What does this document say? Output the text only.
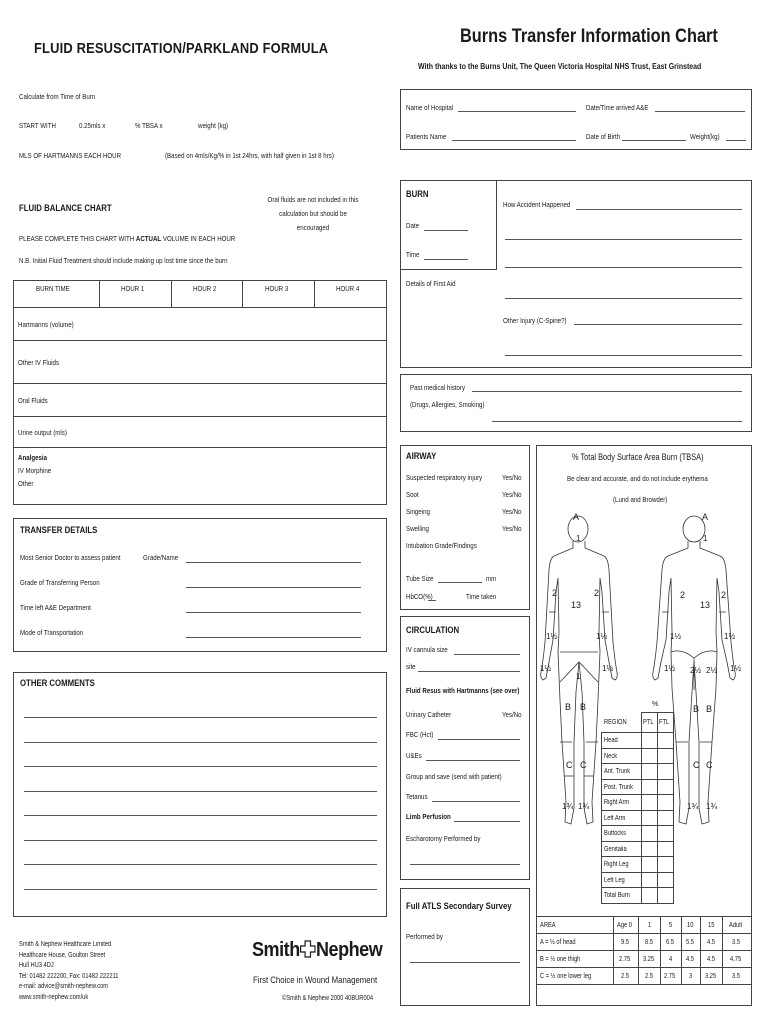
FLUID RESUSCITATION/PARKLAND FORMULA
Calculate from Time of Burn
START WITH	0.25mls x	% TBSA x	weight (kg)
MLS OF HARTMANNS EACH HOUR	(Based on 4mls/Kg/% in 1st 24hrs, with half given in 1st 8 hrs)
FLUID BALANCE CHART
Oral fluids are not included in this calculation but should be encouraged
PLEASE COMPLETE THIS CHART WITH ACTUAL VOLUME IN EACH HOUR
N.B. Initial Fluid Treatment should include making up lost time since the burn
BURN TIME	HOUR 1	HOUR 2	HOUR 3	HOUR 4
Hartmanns (volume)
Other IV Fluids
Oral Fluids
Urine output (mls)

Analgesia
IV Morphine
Other
TRANSFER DETAILS
Most Senior Doctor to assess patient	Grade/Name
Grade of Transferring Person
Time left A&E Department
Mode of Transportation
OTHER COMMENTS
Smith & Nephew Healthcare Limited
Healthcare House, Goulton Street
Hull HU3 4DJ
Tel: 01482 222200, Fax: 01482 222211
e-mail: advice@smith-nephew.com
www.smith-nephew.com/uk
Smith Nephew
First Choice in Wound Management
©Smith & Nephew 2000 40BUR004
Burns Transfer Information Chart
With thanks to the Burns Unit, The Queen Victoria Hospital NHS Trust, East Grinstead
Name of Hospital	Date/Time arrived A&E
Patients Name	Date of Birth	Weight(kg)
BURN
Date
Time
Details of First Aid
How Accident Happened
Other Injury (C-Spine?)
Past medical history
(Drugs, Allergies, Smoking)
AIRWAY
Suspected respiratory injury	Yes/No
Soot	Yes/No
Singeing	Yes/No
Swelling	Yes/No
Intubation Grade/Findings
Tube Size	mm
HbCO(%)	Time taken
CIRCULATION
IV cannula size
site
Fluid Resus with Hartmanns (see over)
Urinary Catheter	Yes/No
FBC (Hct)
U&Es
Group and save (send with patient)
Tetanus
Limb Perfusion
Escharotomy Performed by
Full ATLS Secondary Survey
Performed by
% Total Body Surface Area Burn (TBSA)
Be clear and accurate, and do not include erythema
(Lund and Browder)
A
1
2	2
13
1½	1½
1½	1½
1
B B
C C
1¾ 1¾
A
1
2	2
13
1½	1½
1½	1½
2½ 2½
B B
C C
1¾ 1¾
%
REGION	PTL	FTL
Head		
Neck		
Ant. Trunk		
Post. Trunk		
Right Arm		
Left Arm		
Buttocks		
Genitalia		
Right Leg		
Left Leg		
Total Burn		
AREA	Age 0	1	5	10	15	Adult
A = ½ of head	9.5	8.5	6.5	5.5	4.5	3.5
B = ½ one thigh	2.75	3.25	4	4.5	4.5	4.75
C = ½ one lower leg	2.5	2.5	2.75	3	3.25	3.5
